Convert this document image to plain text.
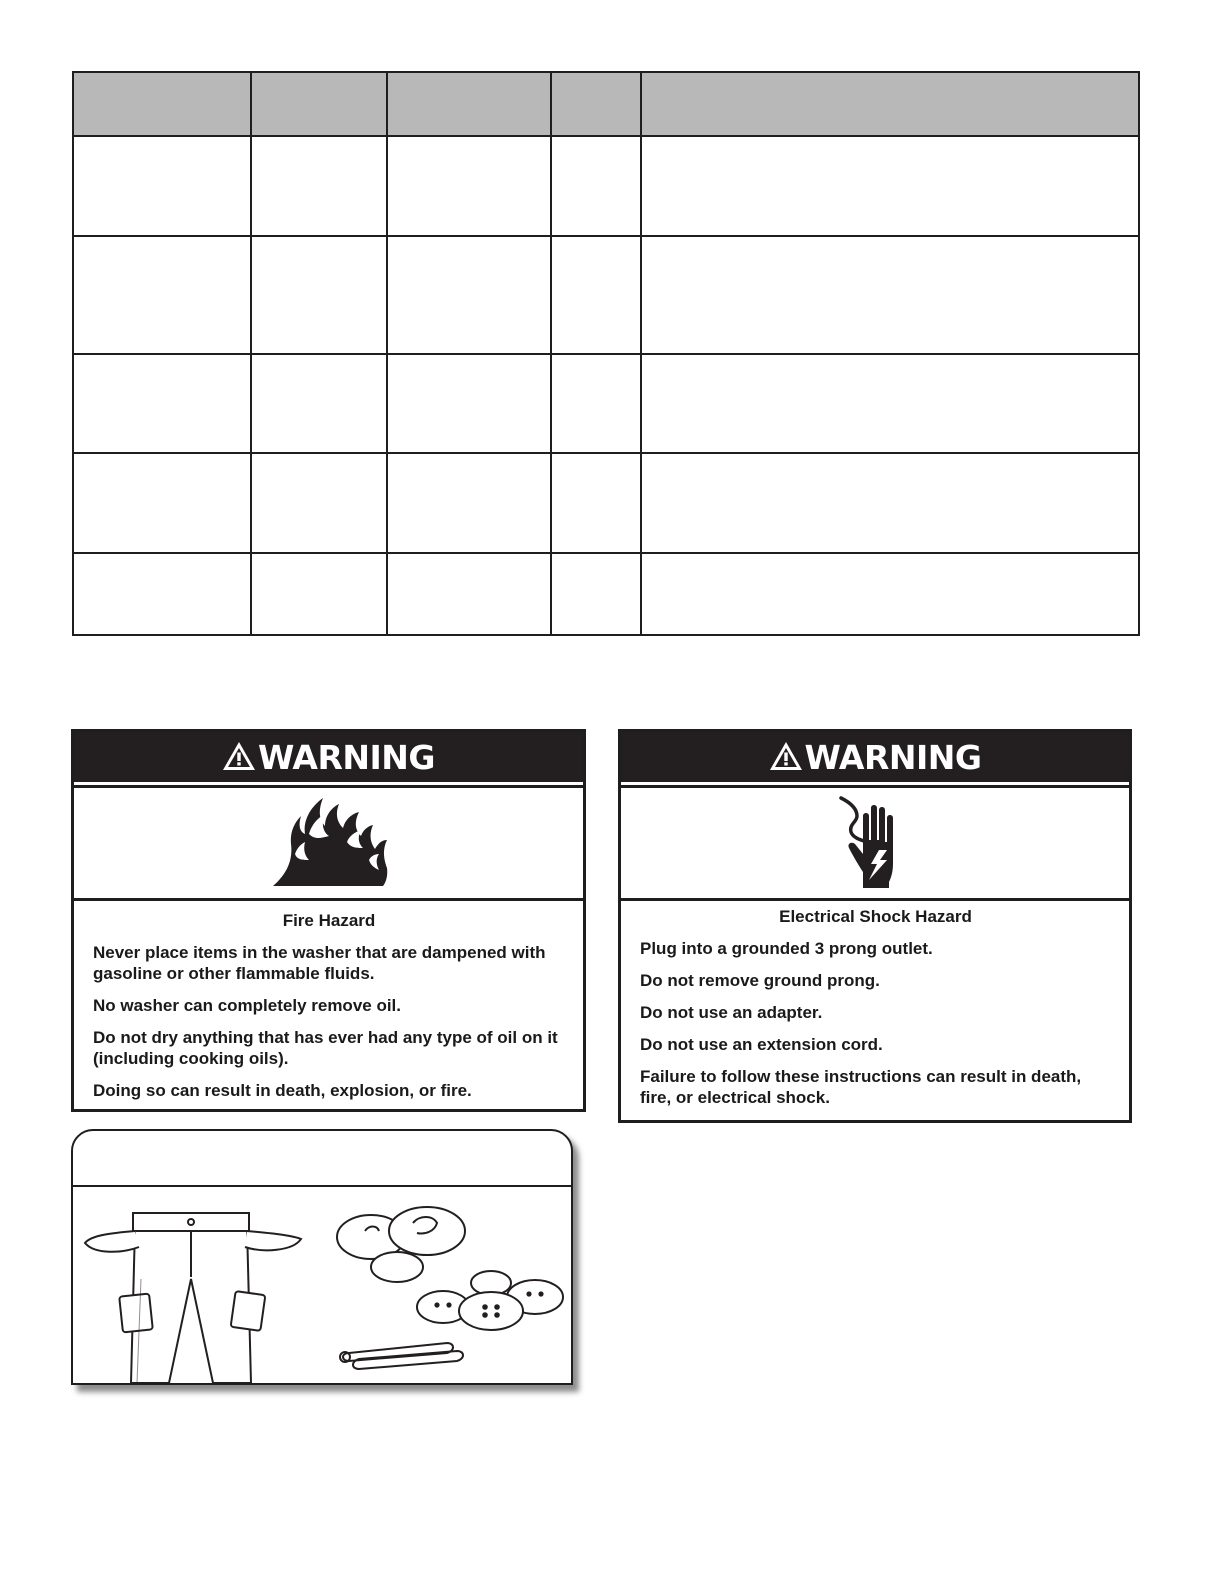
WARNING

Fire Hazard

Never place items in the washer that are dampened with gasoline or other flammable fluids.

No washer can completely remove oil.

Do not dry anything that has ever had any type of oil on it (including cooking oils).

Doing so can result in death, explosion, or fire.

WARNING

Electrical Shock Hazard

Plug into a grounded 3 prong outlet.

Do not remove ground prong.

Do not use an adapter.

Do not use an extension cord.

Failure to follow these instructions can result in death, fire, or electrical shock.
